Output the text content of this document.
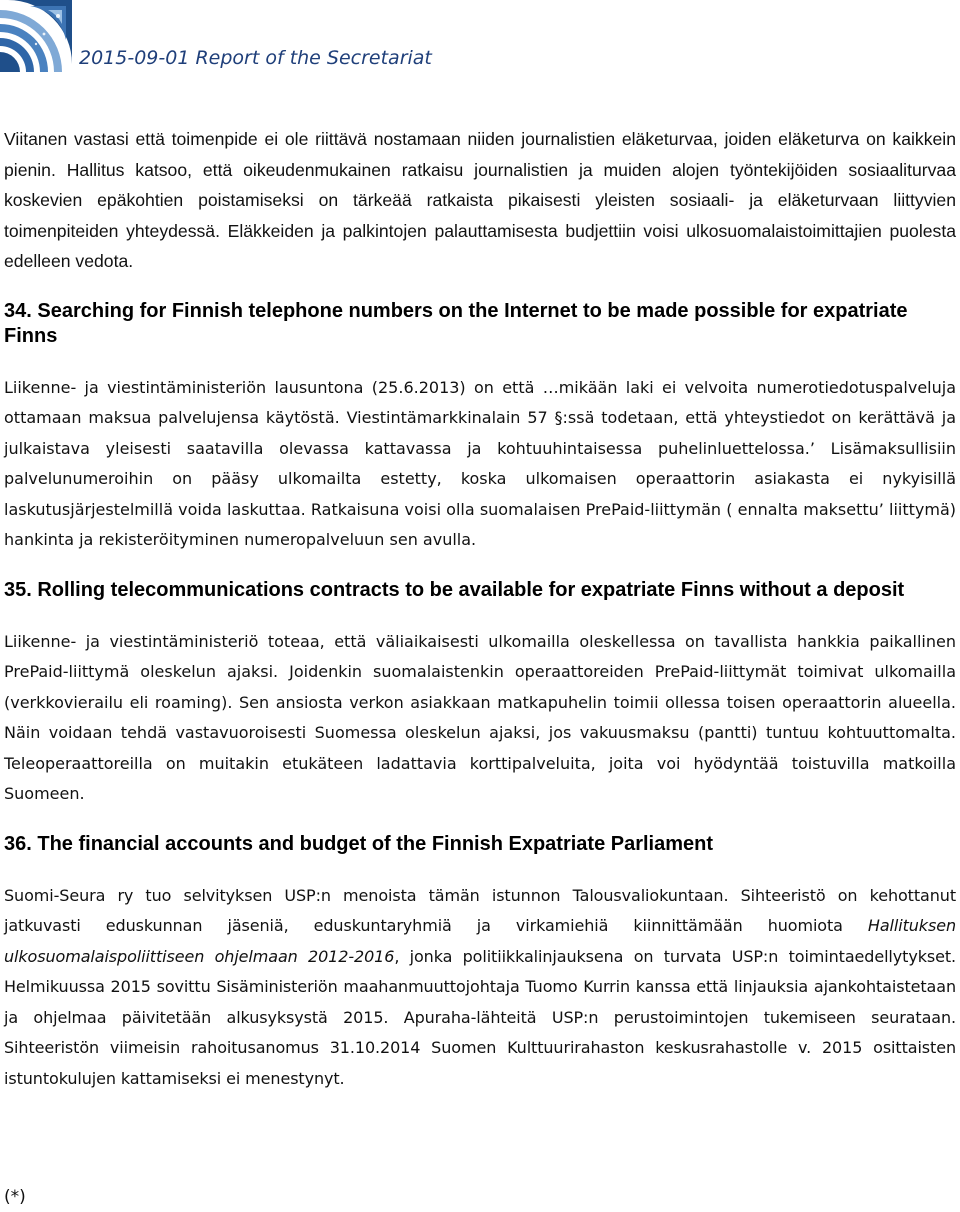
2015-09-01 Report of the Secretariat

Viitanen vastasi että toimenpide ei ole riittävä nostamaan niiden journalistien eläketurvaa, joiden eläketurva on kaikkein pienin. Hallitus katsoo, että oikeudenmukainen ratkaisu journalistien ja muiden alojen työntekijöiden sosiaaliturvaa koskevien epäkohtien poistamiseksi on tärkeää ratkaista pikaisesti yleisten sosiaali- ja eläketurvaan liittyvien toimenpiteiden yhteydessä. Eläkkeiden ja palkintojen palauttamisesta budjettiin voisi ulkosuomalaistoimittajien puolesta edelleen vedota.

34. Searching for Finnish telephone numbers on the Internet to be made possible for expatriate Finns

Liikenne- ja viestintäministeriön lausuntona (25.6.2013) on että …mikään laki ei velvoita numerotiedotuspalveluja ottamaan maksua palvelujensa käytöstä. Viestintämarkkinalain 57 §:ssä todetaan, että yhteystiedot on kerättävä ja julkaistava yleisesti saatavilla olevassa kattavassa ja kohtuuhintaisessa puhelinluettelossa.’ Lisämaksullisiin palvelunumeroihin on pääsy ulkomailta estetty, koska ulkomaisen operaattorin asiakasta ei nykyisillä laskutusjärjestelmillä voida laskuttaa. Ratkaisuna voisi olla suomalaisen PrePaid-liittymän ( ennalta maksettu’ liittymä) hankinta ja rekisteröityminen numeropalveluun sen avulla.

35. Rolling telecommunications contracts to be available for expatriate Finns without a deposit

Liikenne- ja viestintäministeriö toteaa, että väliaikaisesti ulkomailla oleskellessa on tavallista hankkia paikallinen PrePaid-liittymä oleskelun ajaksi. Joidenkin suomalaistenkin operaattoreiden PrePaid-liittymät toimivat ulkomailla (verkkovierailu eli roaming). Sen ansiosta verkon asiakkaan matkapuhelin toimii ollessa toisen operaattorin alueella. Näin voidaan tehdä vastavuoroisesti Suomessa oleskelun ajaksi, jos vakuusmaksu (pantti) tuntuu kohtuuttomalta. Teleoperaattoreilla on muitakin etukäteen ladattavia korttipalveluita, joita voi hyödyntää toistuvilla matkoilla Suomeen.

36. The financial accounts and budget of the Finnish Expatriate Parliament

Suomi-Seura ry tuo selvityksen USP:n menoista tämän istunnon Talousvaliokuntaan. Sihteeristö on kehottanut jatkuvasti eduskunnan jäseniä, eduskuntaryhmiä ja virkamiehiä kiinnittämään huomiota Hallituksen ulkosuomalaispoliittiseen ohjelmaan 2012-2016, jonka politiikkalinjauksena on turvata USP:n toimintaedellytykset. Helmikuussa 2015 sovittu Sisäministeriön maahanmuuttojohtaja Tuomo Kurrin kanssa että linjauksia ajankohtaistetaan ja ohjelmaa päivitetään alkusyksystä 2015. Apuraha-lähteitä USP:n perustoimintojen tukemiseen seurataan. Sihteeristön viimeisin rahoitusanomus 31.10.2014 Suomen Kulttuurirahaston keskusrahastolle v. 2015 osittaisten istuntokulujen kattamiseksi ei menestynyt.

(*)
